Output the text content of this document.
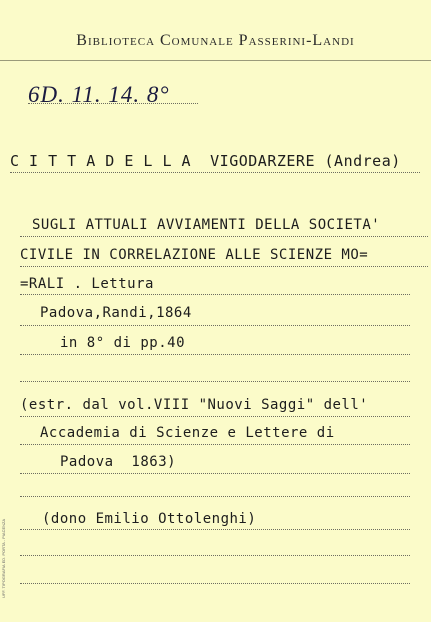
Biblioteca Comunale Passerini-Landi
6D. 11. 14. 8°
C I T T A D E L L A  VIGODARZERE (Andrea)
SUGLI ATTUALI AVVIAMENTI DELLA SOCIETA'
CIVILE IN CORRELAZIONE ALLE SCIENZE MO=
=RALI . Lettura
Padova,Randi,1864
in 8° di pp.40
(estr. dal vol.VIII "Nuovi Saggi" dell'
Accademia di Scienze e Lettere di
Padova  1863)
(dono Emilio Ottolenghi)
UFF. TIPOGRAFIA ED. PORTA - PIACENZA
